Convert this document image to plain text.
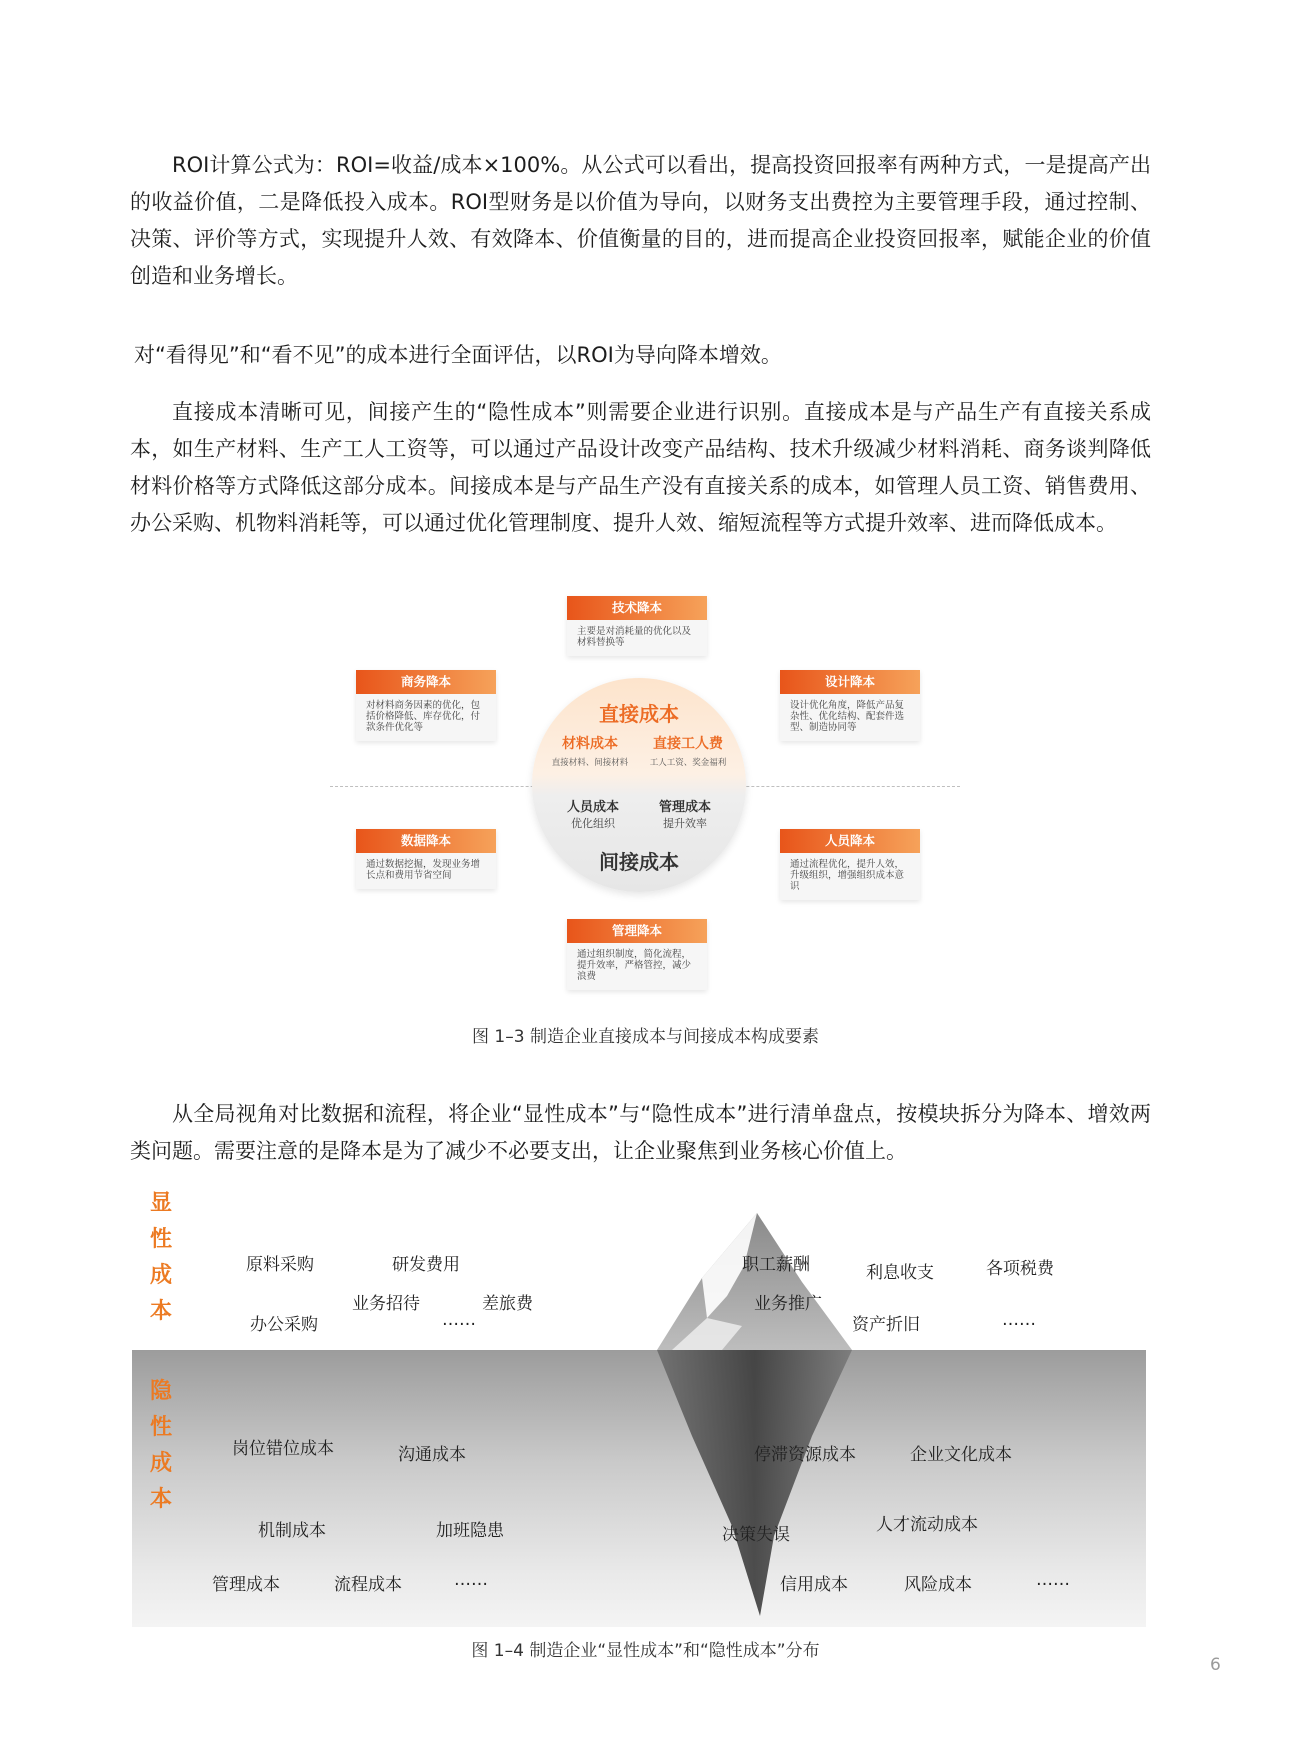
ROI计算公式为：ROI=收益/成本×100%。从公式可以看出，提高投资回报率有两种方式，一是提高产出的收益价值，二是降低投入成本。ROI型财务是以价值为导向，以财务支出费控为主要管理手段，通过控制、决策、评价等方式，实现提升人效、有效降本、价值衡量的目的，进而提高企业投资回报率，赋能企业的价值创造和业务增长。

对“看得见”和“看不见”的成本进行全面评估，以ROI为导向降本增效。

直接成本清晰可见，间接产生的“隐性成本”则需要企业进行识别。直接成本是与产品生产有直接关系成本，如生产材料、生产工人工资等，可以通过产品设计改变产品结构、技术升级减少材料消耗、商务谈判降低材料价格等方式降低这部分成本。间接成本是与产品生产没有直接关系的成本，如管理人员工资、销售费用、办公采购、机物料消耗等，可以通过优化管理制度、提升人效、缩短流程等方式提升效率、进而降低成本。

技术降本
主要是对消耗量的优化以及材料替换等
商务降本
对材料商务因素的优化，包括价格降低、库存优化，付款条件优化等
设计降本
设计优化角度，降低产品复杂性、优化结构、配套件选型、制造协同等
数据降本
通过数据挖掘，发现业务增长点和费用节省空间
人员降本
通过流程优化，提升人效，升级组织，增强组织成本意识
管理降本
通过组织制度，简化流程，提升效率，严格管控，减少浪费
直接成本
材料成本
直接材料、间接材料
直接工人费
工人工资、奖金福利
人员成本
优化组织
管理成本
提升效率
间接成本
图 1–3 制造企业直接成本与间接成本构成要素

从全局视角对比数据和流程，将企业“显性成本”与“隐性成本”进行清单盘点，按模块拆分为降本、增效两类问题。需要注意的是降本是为了减少不必要支出，让企业聚焦到业务核心价值上。

显
性
成
本
隐
性
成
本
原料采购	研发费用
业务招待	差旅费
办公采购	……
职工薪酬	利息收支	各项税费
业务推广
资产折旧	……
岗位错位成本	沟通成本
机制成本	加班隐患
管理成本	流程成本	……
停滞资源成本	企业文化成本
决策失误	人才流动成本
信用成本	风险成本	……
图 1–4 制造企业“显性成本”和“隐性成本”分布
6
